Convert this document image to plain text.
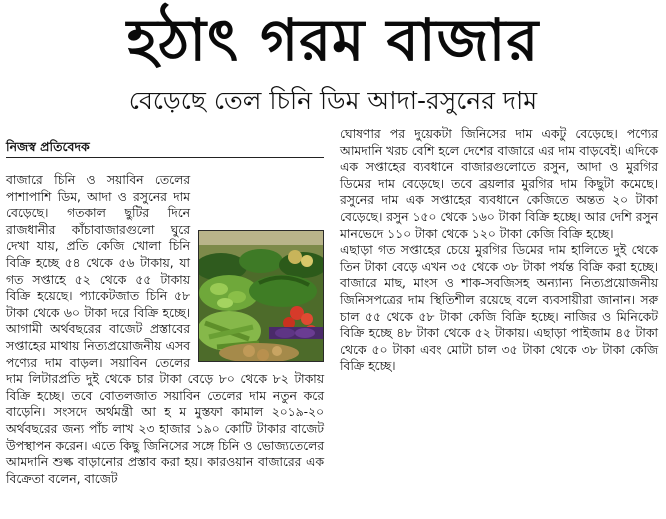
হঠাৎ গরম বাজার
বেড়েছে তেল চিনি ডিম আদা-রসুনের দাম
নিজস্ব প্রতিবেদক

বাজারে চিনি ও সয়াবিন তেলের পাশাপাশি ডিম, আদা ও রসুনের দাম বেড়েছে। গতকাল ছুটির দিনে রাজধানীর কাঁচাবাজারগুলো ঘুরে দেখা যায়, প্রতি কেজি খোলা চিনি বিক্রি হচ্ছে ৫৪ থেকে ৫৬ টাকায়, যা গত সপ্তাহে ৫২ থেকে ৫৫ টাকায় বিক্রি হয়েছে। প্যাকেটজাত চিনি ৫৮ টাকা থেকে ৬০ টাকা দরে বিক্রি হচ্ছে। আগামী অর্থবছরের বাজেট প্রস্তাবের সপ্তাহের মাথায় নিত্যপ্রয়োজনীয় এসব পণ্যের দাম বাড়ল। সয়াবিন তেলের দাম লিটারপ্রতি দুই থেকে চার টাকা বেড়ে ৮০ থেকে ৮২ টাকায় বিক্রি হচ্ছে। তবে বোতলজাত সয়াবিন তেলের দাম নতুন করে বাড়েনি। সংসদে অর্থমন্ত্রী আ হ ম মুস্তফা কামাল ২০১৯-২০ অর্থবছরের জন্য পাঁচ লাখ ২৩ হাজার ১৯০ কোটি টাকার বাজেট উপস্থাপন করেন। এতে কিছু জিনিসের সঙ্গে চিনি ও ভোজ্যতেলের আমদানি শুল্ক বাড়ানোর প্রস্তাব করা হয়। কারওয়ান বাজারের এক বিক্রেতা বলেন, বাজেট

ঘোষণার পর দুয়েকটা জিনিসের দাম একটু বেড়েছে। পণ্যের আমদানি খরচ বেশি হলে দেশের বাজারে এর দাম বাড়বেই। এদিকে এক সপ্তাহের ব্যবধানে বাজারগুলোতে রসুন, আদা ও মুরগির ডিমের দাম বেড়েছে। তবে ব্রয়লার মুরগির দাম কিছুটা কমেছে। রসুনের দাম এক সপ্তাহের ব্যবধানে কেজিতে অন্তত ২০ টাকা বেড়েছে। রসুন ১৫০ থেকে ১৬০ টাকা বিক্রি হচ্ছে। আর দেশি রসুন মানভেদে ১১০ টাকা থেকে ১২০ টাকা কেজি বিক্রি হচ্ছে।

এছাড়া গত সপ্তাহের চেয়ে মুরগির ডিমের দাম হালিতে দুই থেকে তিন টাকা বেড়ে এখন ৩৫ থেকে ৩৮ টাকা পর্যন্ত বিক্রি করা হচ্ছে। বাজারে মাছ, মাংস ও শাক-সবজিসহ অন্যান্য নিত্যপ্রয়োজনীয় জিনিসপত্রের দাম স্থিতিশীল রয়েছে বলে ব্যবসায়ীরা জানান। সরু চাল ৫৫ থেকে ৫৮ টাকা কেজি বিক্রি হচ্ছে। নাজির ও মিনিকেট বিক্রি হচ্ছে ৪৮ টাকা থেকে ৫২ টাকায়। এছাড়া পাইজাম ৪৫ টাকা থেকে ৫০ টাকা এবং মোটা চাল ৩৫ টাকা থেকে ৩৮ টাকা কেজি বিক্রি হচ্ছে।
